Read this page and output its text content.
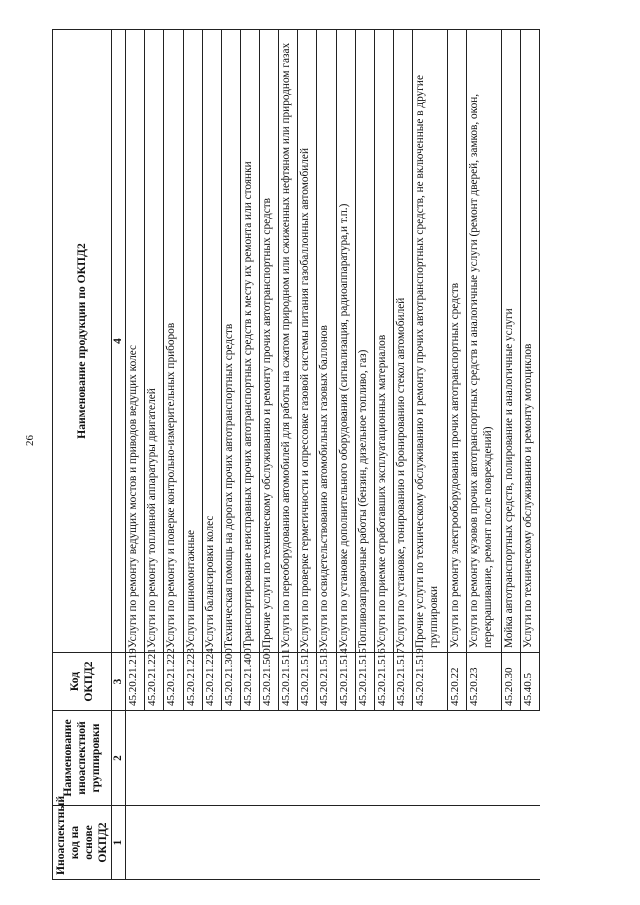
26
Иноаспектный код на основе ОКПД2	Наименование иноаспектной группировки	Код ОКПД2	Наименование продукции по ОКПД2
1	2	3	4
		45.20.21.219	Услуги по ремонту ведущих мостов и приводов ведущих колес
		45.20.21.221	Услуги по ремонту топливной аппаратуры двигателей
		45.20.21.222	Услуги по ремонту и поверке контрольно-измерительных приборов
		45.20.21.223	Услуги шиномонтажные
		45.20.21.224	Услуги балансировки колес
		45.20.21.300	Техническая помощь на дорогах прочих автотранспортных средств
		45.20.21.400	Транспортирование неисправных прочих автотранспортных средств к месту их ремонта или стоянки
		45.20.21.500	Прочие услуги по техническому обслуживанию и ремонту прочих автотранспортных средств
		45.20.21.511	Услуги по переоборудованию автомобилей для работы на сжатом природном или сжиженных нефтяном или природном газах
		45.20.21.512	Услуги по проверке герметичности и опрессовке газовой системы питания газобаллонных автомобилей
		45.20.21.513	Услуги по освидетельствованию автомобильных газовых баллонов
		45.20.21.514	Услуги по установке дополнительного оборудования (сигнализация, радиоаппаратура,и т.п.)
		45.20.21.515	Топливозаправочные работы (бензин, дизельное топливо, газ)
		45.20.21.516	Услуги по приемке отработавших эксплуатационных материалов
		45.20.21.517	Услуги по установке, тонированию и бронированию стекол автомобилей
		45.20.21.519	Прочие услуги по техническому обслуживанию и ремонту прочих автотранспортных средств, не включенные в другие группировки
		45.20.22	Услуги по ремонту электрооборудования прочих автотранспортных средств
		45.20.23	Услуги по ремонту кузовов прочих автотранспортных средств и аналогичные услуги (ремонт дверей, замков, окон, перекрашивание, ремонт после повреждений)
		45.20.30	Мойка автотранспортных средств, полирование и аналогичные услуги
		45.40.5	Услуги по техническому обслуживанию и ремонту мотоциклов
